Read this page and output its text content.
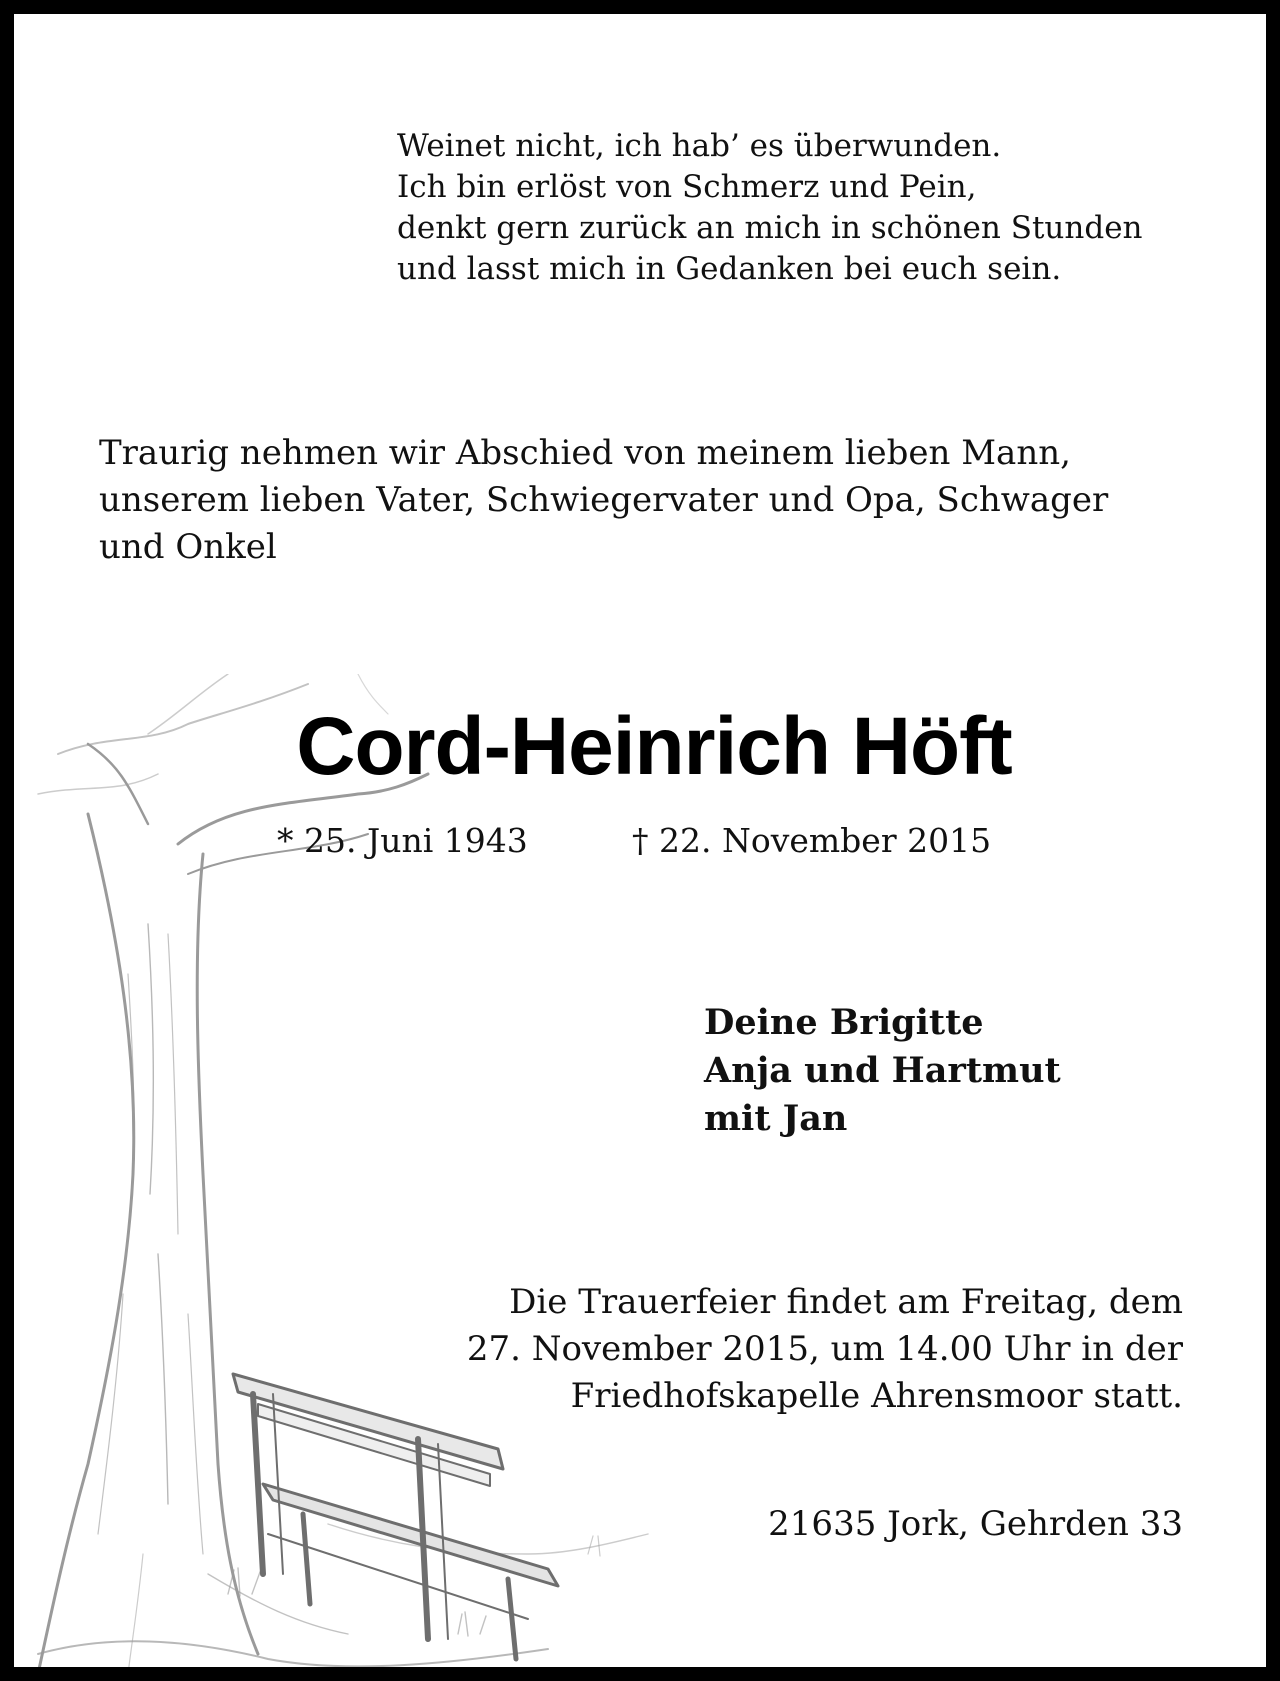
Weinet nicht, ich hab’ es überwunden.
Ich bin erlöst von Schmerz und Pein,
denkt gern zurück an mich in schönen Stunden
und lasst mich in Gedanken bei euch sein.
Traurig nehmen wir Abschied von meinem lieben Mann,
unserem lieben Vater, Schwiegervater und Opa, Schwager
und Onkel
Cord-Heinrich Höft
* 25. Juni 1943	† 22. November 2015
Deine Brigitte
Anja und Hartmut
mit Jan
Die Trauerfeier findet am Freitag, dem
27. November 2015, um 14.00 Uhr in der
Friedhofskapelle Ahrensmoor statt.
21635 Jork, Gehrden 33
